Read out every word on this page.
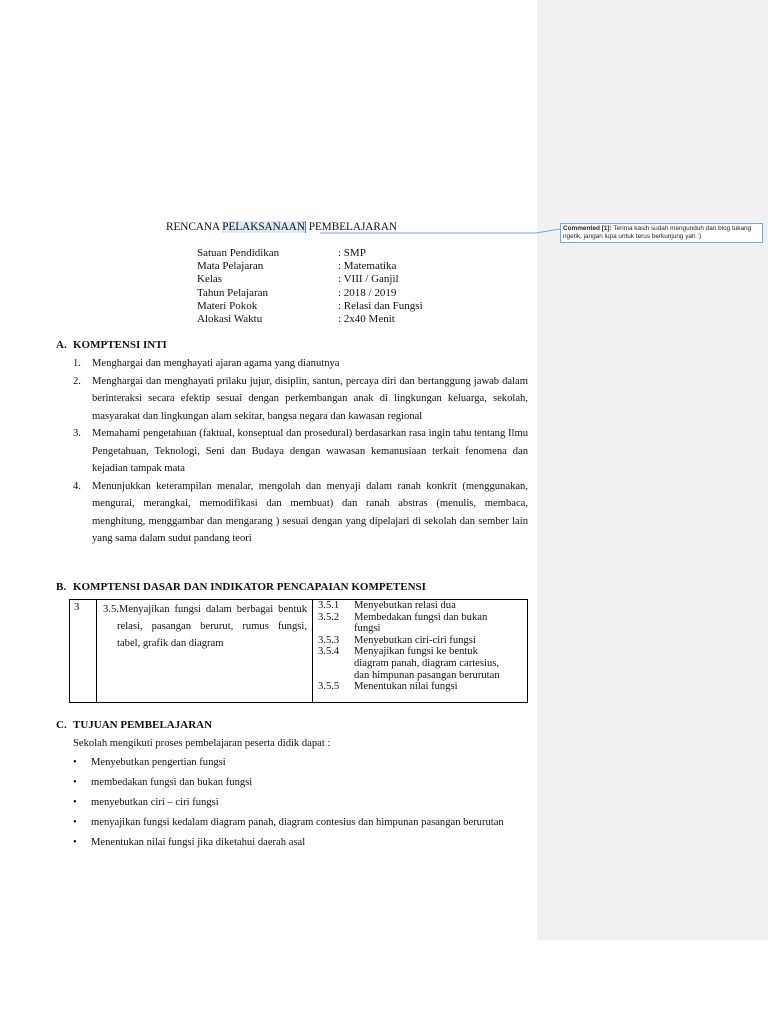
Commented [1]: Terima kasih sudah mengunduh dari blog tukang ngetik, jangan lupa untuk terus berkunjung yah :)
RENCANA PELAKSANAAN PEMBELAJARAN
Satuan Pendidikan	: SMP
Mata Pelajaran	: Matematika
Kelas	: VIII / Ganjil
Tahun Pelajaran	: 2018 / 2019
Materi Pokok	: Relasi dan Fungsi
Alokasi Waktu	: 2x40 Menit
A. KOMPTENSI INTI
1.	Menghargai dan menghayati ajaran agama yang dianutnya
2.	Menghargai dan menghayati prilaku jujur, disiplin, santun, percaya diri dan bertanggung jawab dalam berinteraksi secara efektip sesuai dengan perkembangan anak di lingkungan keluarga, sekolah, masyarakat dan lingkungan alam sekitar, bangsa negara dan kawasan regional
3.	Memahami pengetahuan (faktual, konseptual dan prosedural) berdasarkan rasa ingin tahu tentang Ilmu Pengetahuan, Teknologi, Seni dan Budaya dengan wawasan kemanusiaan terkait fenomena dan kejadian tampak mata
4.	Menunjukkan keterampilan menalar, mengolah dan menyaji dalam ranah konkrit (menggunakan, mengurai, merangkai, memodifikasi dan membuat) dan ranah abstras (menulis, membaca, menghitung, menggambar dan mengarang ) sesuai dengan yang dipelajari di sekolah dan sember lain yang sama dalam sudut pandang teori
B. KOMPTENSI DASAR DAN INDIKATOR PENCAPAIAN KOMPETENSI
3	3.5.Menyajikan fungsi dalam berbagai bentuk relasi, pasangan berurut, rumus fungsi, tabel, grafik dan diagram
3.5.1	Menyebutkan relasi dua
3.5.2	Membedakan fungsi dan bukan
fungsi
3.5.3	Menyebutkan ciri-ciri fungsi
3.5.4	Menyajikan fungsi ke bentuk
diagram panah, diagram cartesius,
dan himpunan pasangan berurutan
3.5.5	Menentukan nilai fungsi
C. TUJUAN PEMBELAJARAN
Sekolah mengikuti proses pembelajaran peserta didik dapat :
•	Menyebutkan pengertian fungsi
•	membedakan fungsi dan bukan fungsi
•	menyebutkan ciri – ciri fungsi
•	menyajikan fungsi kedalam diagram panah, diagram contesius dan himpunan pasangan berurutan
•	Menentukan nilai fungsi jika diketahui daerah asal
